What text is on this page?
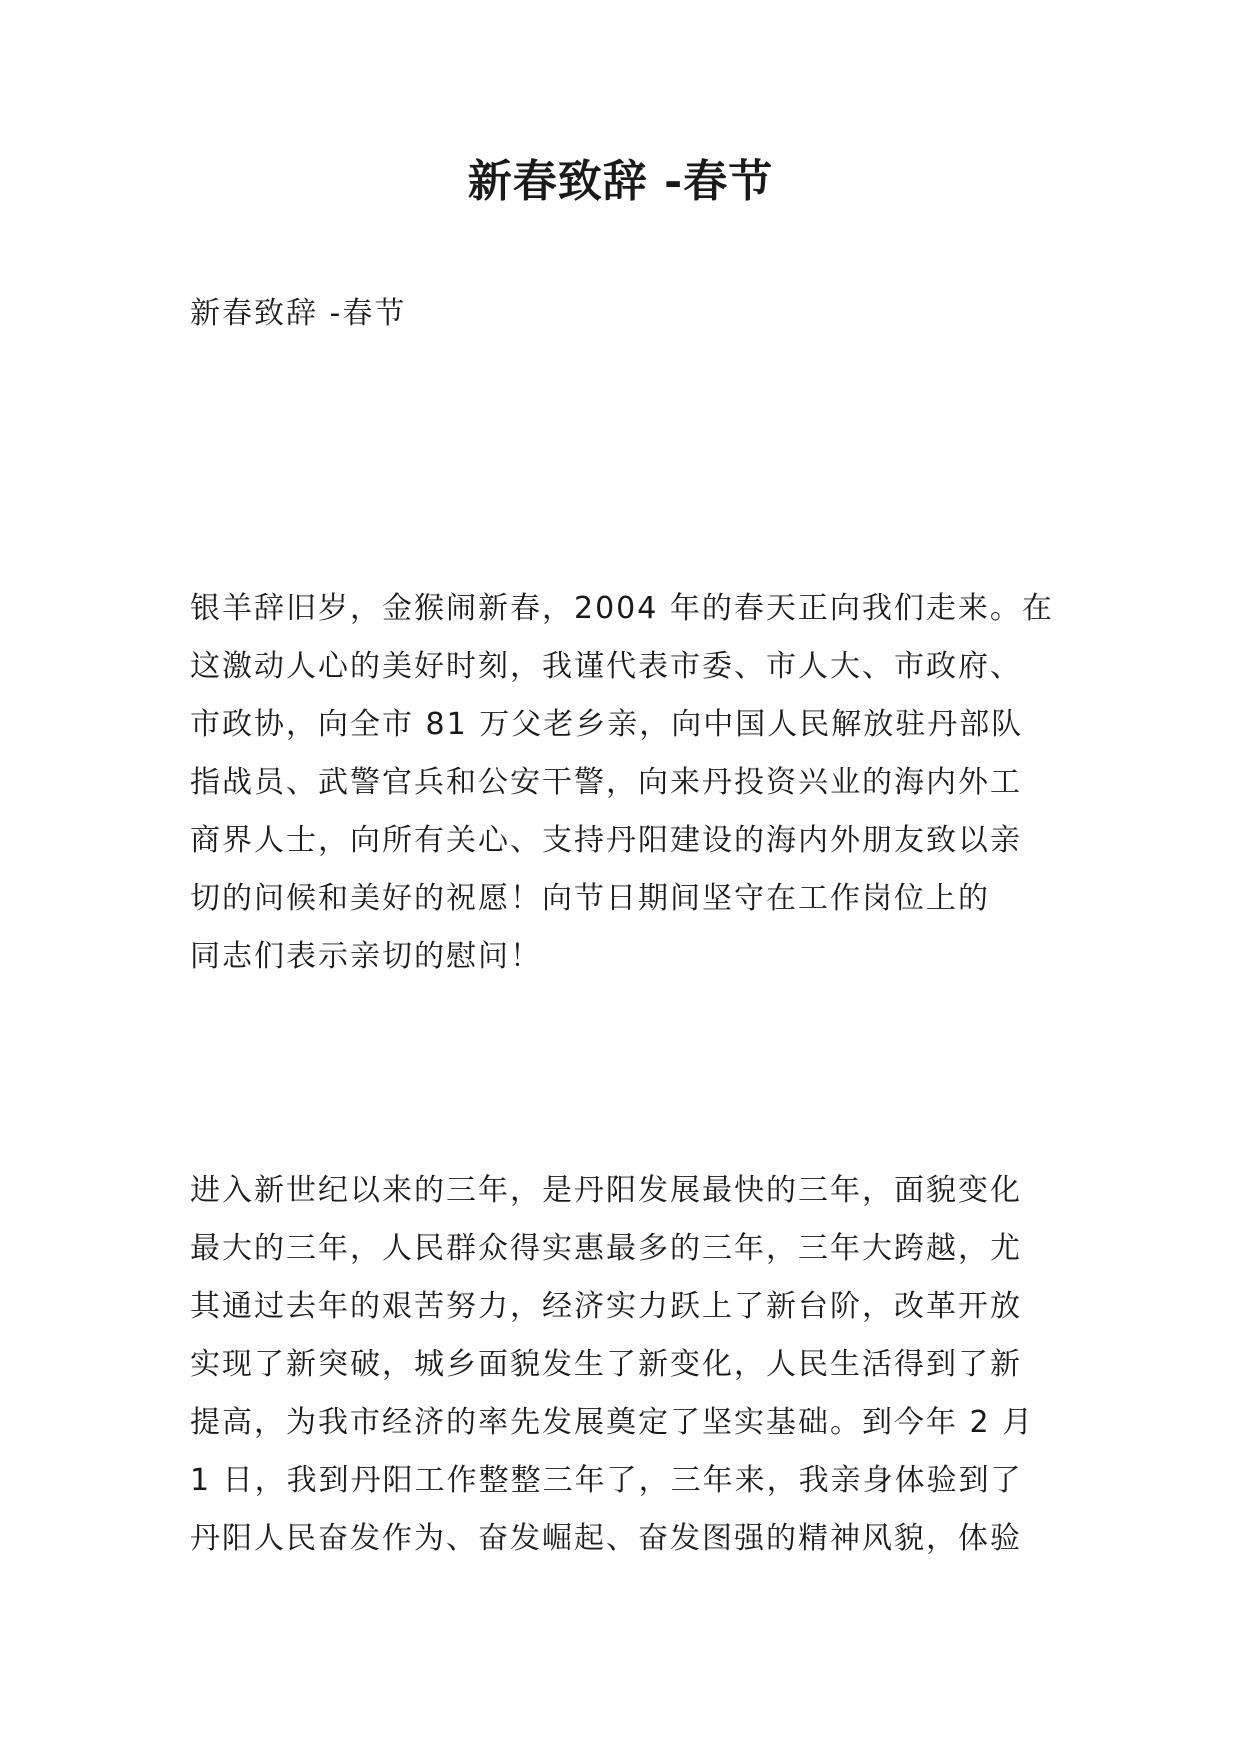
新春致辞 -春节

新春致辞 -春节

银羊辞旧岁，金猴闹新春，2004 年的春天正向我们走来。在
这激动人心的美好时刻，我谨代表市委、市人大、市政府、
市政协，向全市 81 万父老乡亲，向中国人民解放驻丹部队
指战员、武警官兵和公安干警，向来丹投资兴业的海内外工
商界人士，向所有关心、支持丹阳建设的海内外朋友致以亲
切的问候和美好的祝愿！向节日期间坚守在工作岗位上的
同志们表示亲切的慰问！
进入新世纪以来的三年，是丹阳发展最快的三年，面貌变化
最大的三年，人民群众得实惠最多的三年，三年大跨越，尤
其通过去年的艰苦努力，经济实力跃上了新台阶，改革开放
实现了新突破，城乡面貌发生了新变化，人民生活得到了新
提高，为我市经济的率先发展奠定了坚实基础。到今年 2 月
1 日，我到丹阳工作整整三年了，三年来，我亲身体验到了
丹阳人民奋发作为、奋发崛起、奋发图强的精神风貌，体验
